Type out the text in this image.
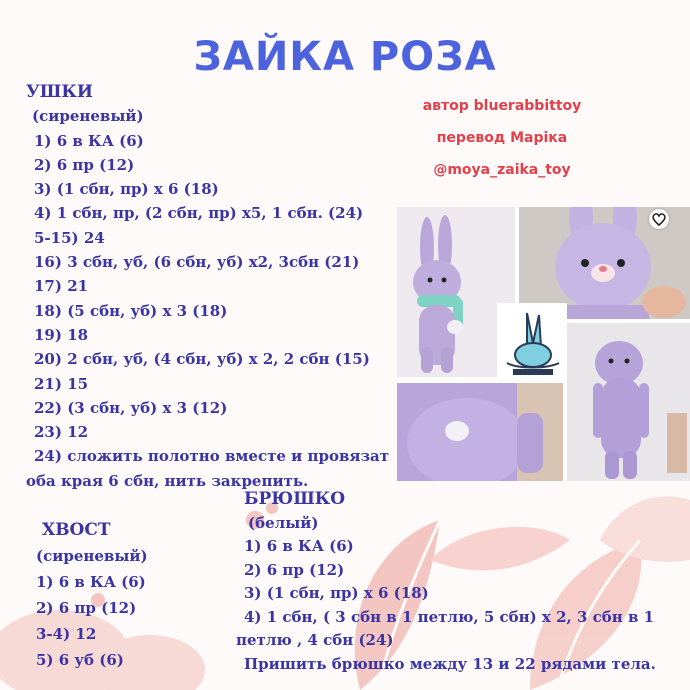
ЗАЙКА РОЗА
автор bluerabbittoy
перевод Марiка
@moya_zaika_toy
УШКИ
(сиреневый)
1) 6 в КА (6)
2) 6 пр (12)
3) (1 сбн, пр) х 6 (18)
4) 1 сбн, пр, (2 сбн, пр) х5, 1 сбн. (24)
5-15) 24
16) 3 сбн, уб, (6 сбн, уб) х2, 3сбн (21)
17) 21
18) (5 сбн, уб) х 3 (18)
19) 18
20) 2 сбн, уб, (4 сбн, уб) х 2, 2 сбн (15)
21) 15
22) (3 сбн, уб) х 3 (12)
23) 12
24) сложить полотно вместе и провязат
оба края 6 сбн, нить закрепить.
ХВОСТ
(сиреневый)
1) 6 в КА (6)
2) 6 пр (12)
3-4) 12
5) 6 уб (6)
БРЮШКО
(белый)
1) 6 в КА (6)
2) 6 пр (12)
3) (1 сбн, пр) х 6 (18)
4) 1 сбн, ( 3 сбн в 1 петлю, 5 сбн) х 2, 3 сбн в 1
петлю , 4 сбн (24)
Пришить брюшко между 13 и 22 рядами тела.
